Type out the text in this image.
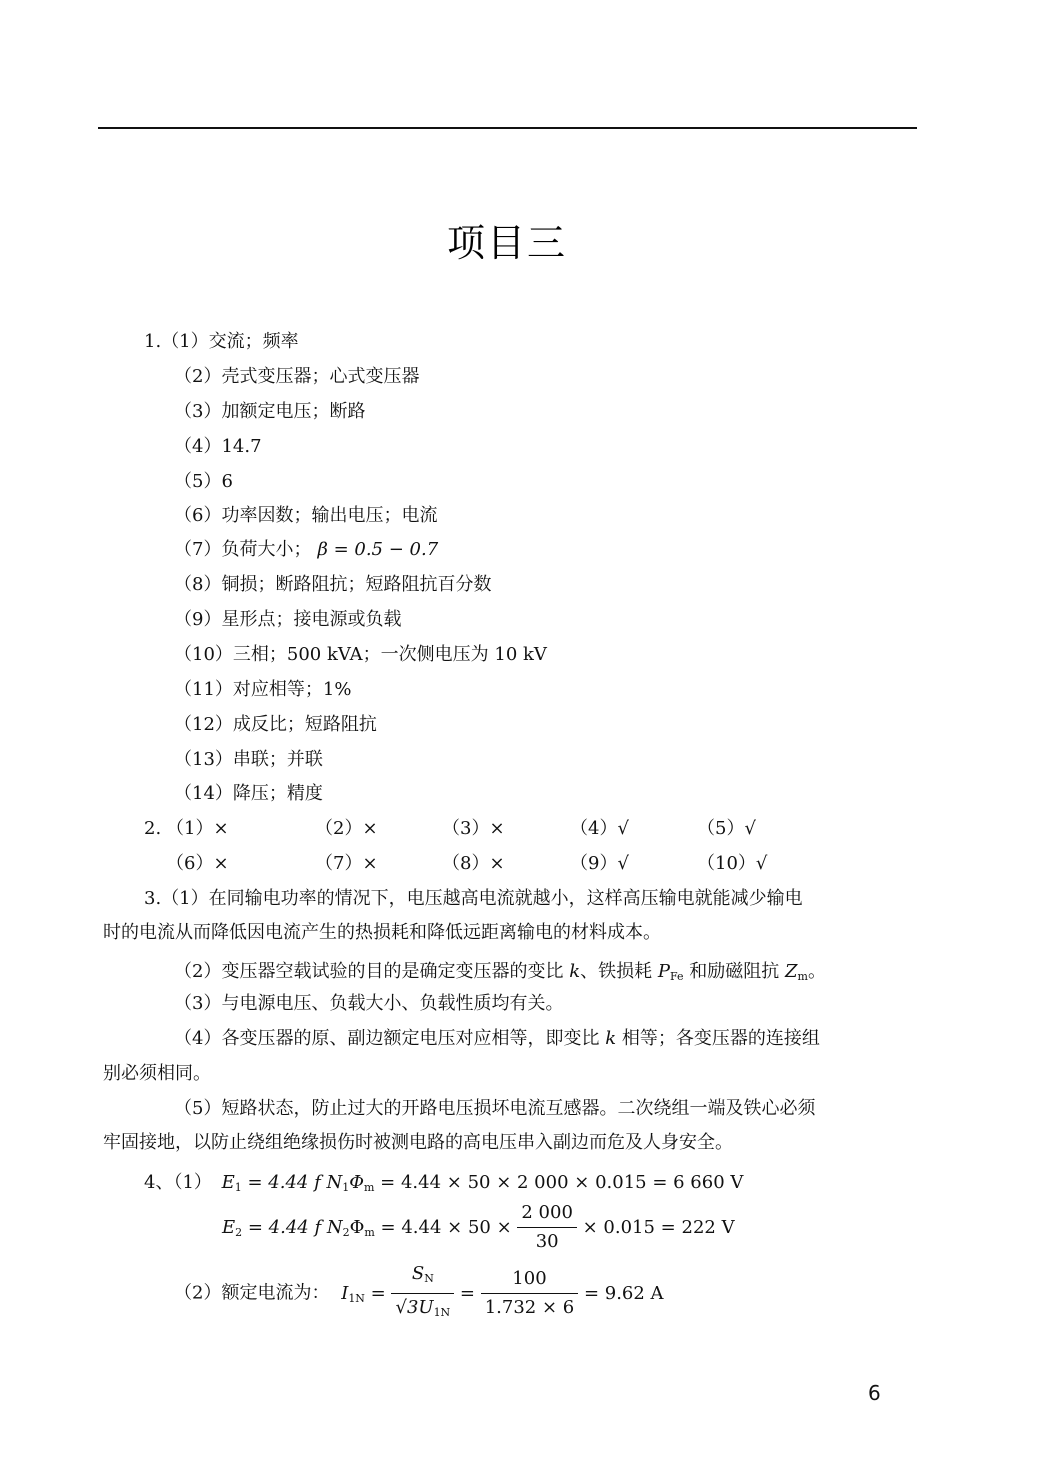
项目三
1.（1）交流；频率
（2）壳式变压器；心式变压器
（3）加额定电压；断路
（4）14.7
（5）6
（6）功率因数；输出电压；电流
（7）负荷大小； β = 0.5 − 0.7
（8）铜损；断路阻抗；短路阻抗百分数
（9）星形点；接电源或负载
（10）三相；500 kVA；一次侧电压为 10 kV
（11）对应相等；1%
（12）成反比；短路阻抗
（13）串联；并联
（14）降压；精度
2. （1）×	（2）×	（3）×	（4）√	（5）√
（6）×	（7）×	（8）×	（9）√	（10）√
3.（1）在同输电功率的情况下，电压越高电流就越小，这样高压输电就能减少输电
时的电流从而降低因电流产生的热损耗和降低远距离输电的材料成本。
（2）变压器空载试验的目的是确定变压器的变比 k、铁损耗 $P_{Fe}$ 和励磁阻抗 $Z_m$。
（3）与电源电压、负载大小、负载性质均有关。
（4）各变压器的原、副边额定电压对应相等，即变比 k 相等；各变压器的连接组
别必须相同。
（5）短路状态，防止过大的开路电压损坏电流互感器。二次绕组一端及铁心必须
牢固接地，以防止绕组绝缘损伤时被测电路的高电压串入副边而危及人身安全。
4、（1） $E_1 = 4.44$ f $N_1\Phi_m = 4.44 \times 50 \times 2$ 000 × 0.015 = 6 660 V
$E_2 = 4.44$ f $N_2\Phi_m = 4.44 \times 50 \times \frac{2 000}{30} \times 0.015 = 222$ V
（2）额定电流为： $I_{1N} = \frac{S_N}{√3U_{1N}} = \frac{100}{1.732 \times 6} = 9.62$ A
6
